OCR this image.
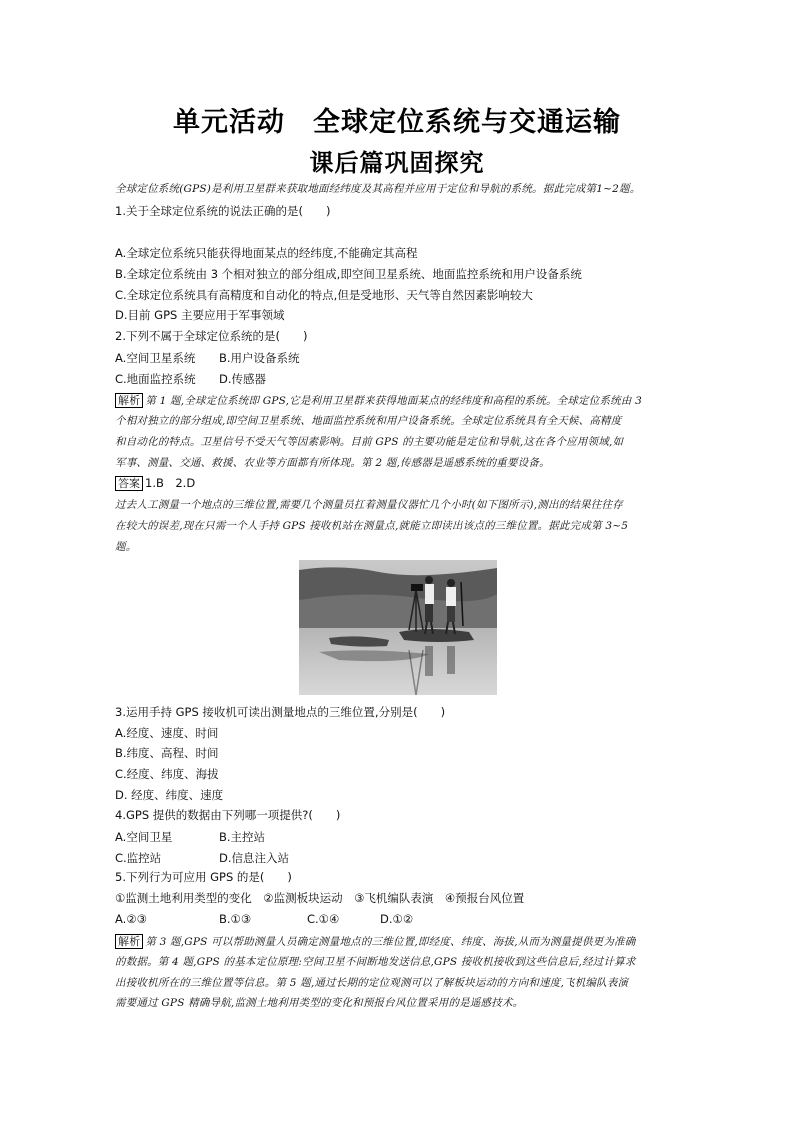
单元活动　全球定位系统与交通运输
课后篇巩固探究
全球定位系统(GPS)是利用卫星群来获取地面经纬度及其高程并应用于定位和导航的系统。据此完成第1~2题。
1.关于全球定位系统的说法正确的是(　　)
A.全球定位系统只能获得地面某点的经纬度,不能确定其高程
B.全球定位系统由 3 个相对独立的部分组成,即空间卫星系统、地面监控系统和用户设备系统
C.全球定位系统具有高精度和自动化的特点,但是受地形、天气等自然因素影响较大
D.目前 GPS 主要应用于军事领域
2.下列不属于全球定位系统的是(　　)
A.空间卫星系统 B.用户设备系统
C.地面监控系统 D.传感器
解析 第 1 题,全球定位系统即 GPS,它是利用卫星群来获得地面某点的经纬度和高程的系统。全球定位系统由 3
个相对独立的部分组成,即空间卫星系统、地面监控系统和用户设备系统。全球定位系统具有全天候、高精度
和自动化的特点。卫星信号不受天气等因素影响。目前 GPS 的主要功能是定位和导航,这在各个应用领域,如
军事、测量、交通、救援、农业等方面都有所体现。第 2 题,传感器是遥感系统的重要设备。
答案 1.B　2.D
过去人工测量一个地点的三维位置,需要几个测量员扛着测量仪器忙几个小时(如下图所示),测出的结果往往存
在较大的误差,现在只需一个人手持 GPS 接收机站在测量点,就能立即读出该点的三维位置。据此完成第 3~5
题。
3.运用手持 GPS 接收机可读出测量地点的三维位置,分别是(　　)
A.经度、速度、时间
B.纬度、高程、时间
C.经度、纬度、海拔
D. 经度、纬度、速度
4.GPS 提供的数据由下列哪一项提供?(　　)
A.空间卫星	B.主控站
C.监控站	D.信息注入站
5.下列行为可应用 GPS 的是(　　)
①监测土地利用类型的变化　②监测板块运动　③飞机编队表演　④预报台风位置
A.②③	B.①③	C.①④	D.①②
解析 第 3 题,GPS 可以帮助测量人员确定测量地点的三维位置,即经度、纬度、海拔,从而为测量提供更为准确
的数据。第 4 题,GPS 的基本定位原理:空间卫星不间断地发送信息,GPS 接收机接收到这些信息后,经过计算求
出接收机所在的三维位置等信息。第 5 题,通过长期的定位观测可以了解板块运动的方向和速度,飞机编队表演
需要通过 GPS 精确导航,监测土地利用类型的变化和预报台风位置采用的是遥感技术。
